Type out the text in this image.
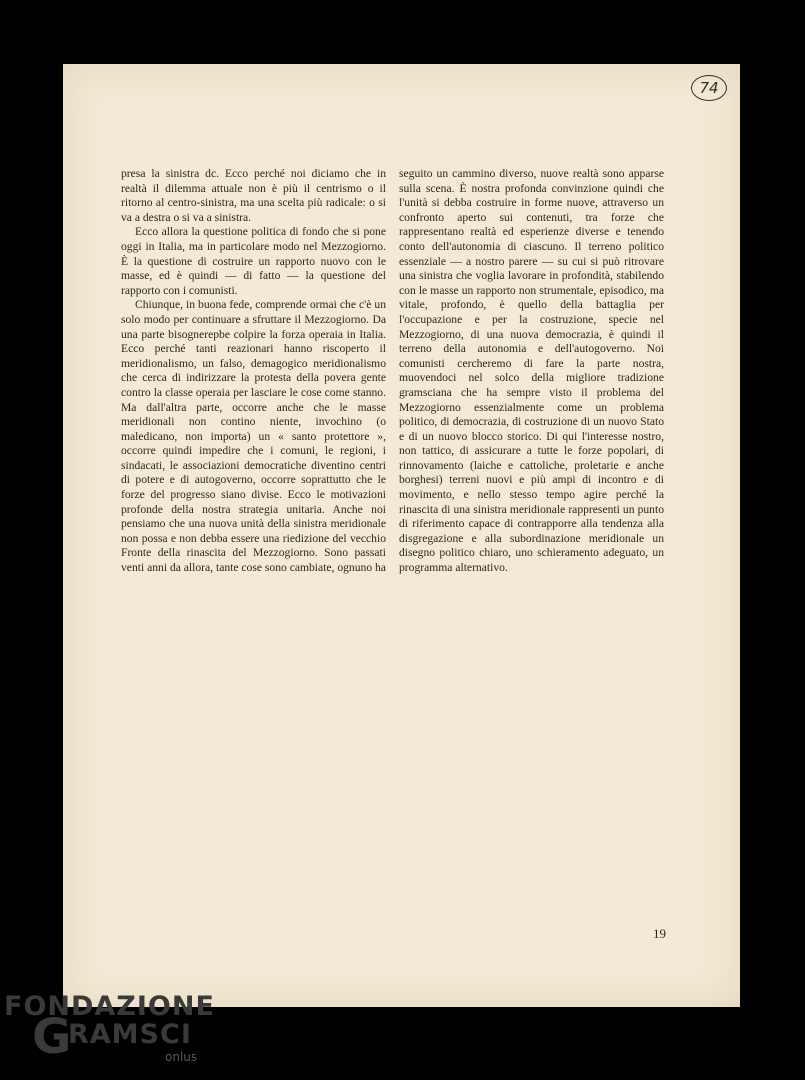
74

presa la sinistra dc. Ecco perché noi diciamo che in realtà il dilemma attuale non è più il centrismo o il ritorno al centro-sinistra, ma una scelta più radicale: o si va a destra o si va a sinistra.

Ecco allora la questione politica di fondo che si pone oggi in Italia, ma in particolare modo nel Mezzogiorno. È la questione di costruire un rapporto nuovo con le masse, ed è quindi — di fatto — la questione del rapporto con i comunisti.

Chiunque, in buona fede, comprende ormai che c'è un solo modo per continuare a sfruttare il Mezzogiorno. Da una parte bisognerepbe colpire la forza operaia in Italia. Ecco perché tanti reazionari hanno riscoperto il meridionalismo, un falso, demagogico meridionalismo che cerca di indirizzare la protesta della povera gente contro la classe operaia per lasciare le cose come stanno. Ma dall'altra parte, occorre anche che le masse meridionali non contino niente, invochino (o maledicano, non importa) un « santo protettore », occorre quindi impedire che i comuni, le regioni, i sindacati, le associazioni democratiche diventino centri di potere e di autogoverno, occorre soprattutto che le forze del progresso siano divise. Ecco le motivazioni profonde della nostra strategia unitaria. Anche noi pensiamo che una nuova unità della sinistra meridionale non possa e non debba essere una riedizione del vecchio Fronte della rinascita del Mezzogiorno. Sono passati venti anni da allora, tante cose sono cambiate, ognuno ha

seguito un cammino diverso, nuove realtà sono apparse sulla scena. È nostra profonda convinzione quindi che l'unità si debba costruire in forme nuove, attraverso un confronto aperto sui contenuti, tra forze che rappresentano realtà ed esperienze diverse e tenendo conto dell'autonomia di ciascuno. Il terreno politico essenziale — a nostro parere — su cui si può ritrovare una sinistra che voglia lavorare in profondità, stabilendo con le masse un rapporto non strumentale, episodico, ma vitale, profondo, è quello della battaglia per l'occupazione e per la costruzione, specie nel Mezzogiorno, di una nuova democrazia, è quindi il terreno della autonomia e dell'autogoverno. Noi comunisti cercheremo di fare la parte nostra, muovendoci nel solco della migliore tradizione gramsciana che ha sempre visto il problema del Mezzogiorno essenzialmente come un problema politico, di democrazia, di costruzione di un nuovo Stato e di un nuovo blocco storico. Di qui l'interesse nostro, non tattico, di assicurare a tutte le forze popolari, di rinnovamento (laiche e cattoliche, proletarie e anche borghesi) terreni nuovi e più ampi di incontro e di movimento, e nello stesso tempo agire perché la rinascita di una sinistra meridionale rappresenti un punto di riferimento capace di contrapporre alla tendenza alla disgregazione e alla subordinazione meridionale un disegno politico chiaro, uno schieramento adeguato, un programma alternativo.

19
FONDAZIONE
G
RAMSCI
onlus
